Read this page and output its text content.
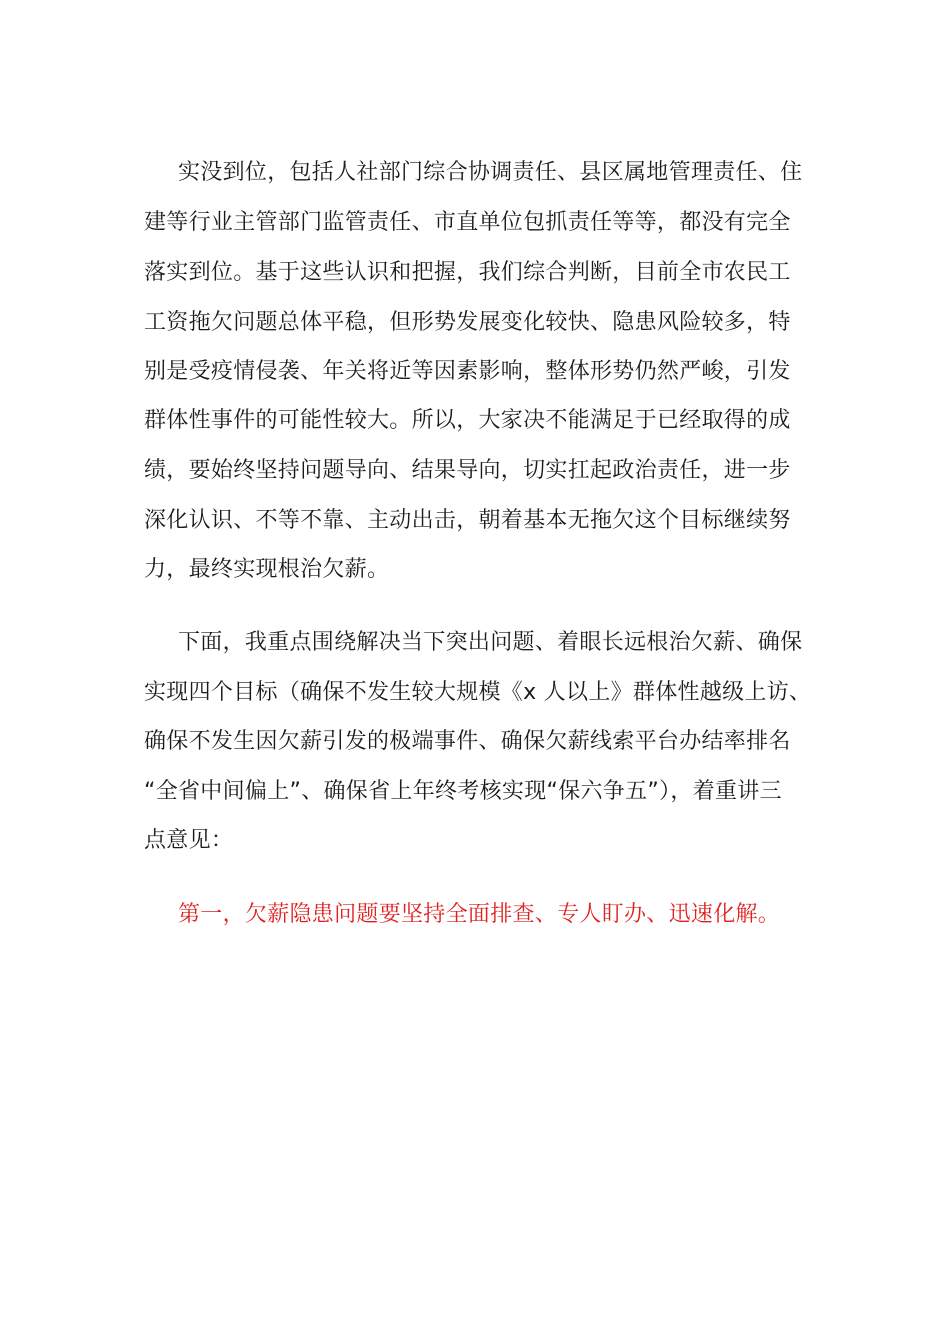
实没到位，包括人社部门综合协调责任、县区属地管理责任、住
建等行业主管部门监管责任、市直单位包抓责任等等，都没有完全
落实到位。基于这些认识和把握，我们综合判断，目前全市农民工
工资拖欠问题总体平稳，但形势发展变化较快、隐患风险较多，特
别是受疫情侵袭、年关将近等因素影响，整体形势仍然严峻，引发
群体性事件的可能性较大。所以，大家决不能满足于已经取得的成
绩，要始终坚持问题导向、结果导向，切实扛起政治责任，进一步
深化认识、不等不靠、主动出击，朝着基本无拖欠这个目标继续努
力，最终实现根治欠薪。
下面，我重点围绕解决当下突出问题、着眼长远根治欠薪、确保
实现四个目标（确保不发生较大规模《x 人以上》群体性越级上访、
确保不发生因欠薪引发的极端事件、确保欠薪线索平台办结率排名
“全省中间偏上”、确保省上年终考核实现“保六争五”），着重讲三
点意见：
第一，欠薪隐患问题要坚持全面排查、专人盯办、迅速化解。
